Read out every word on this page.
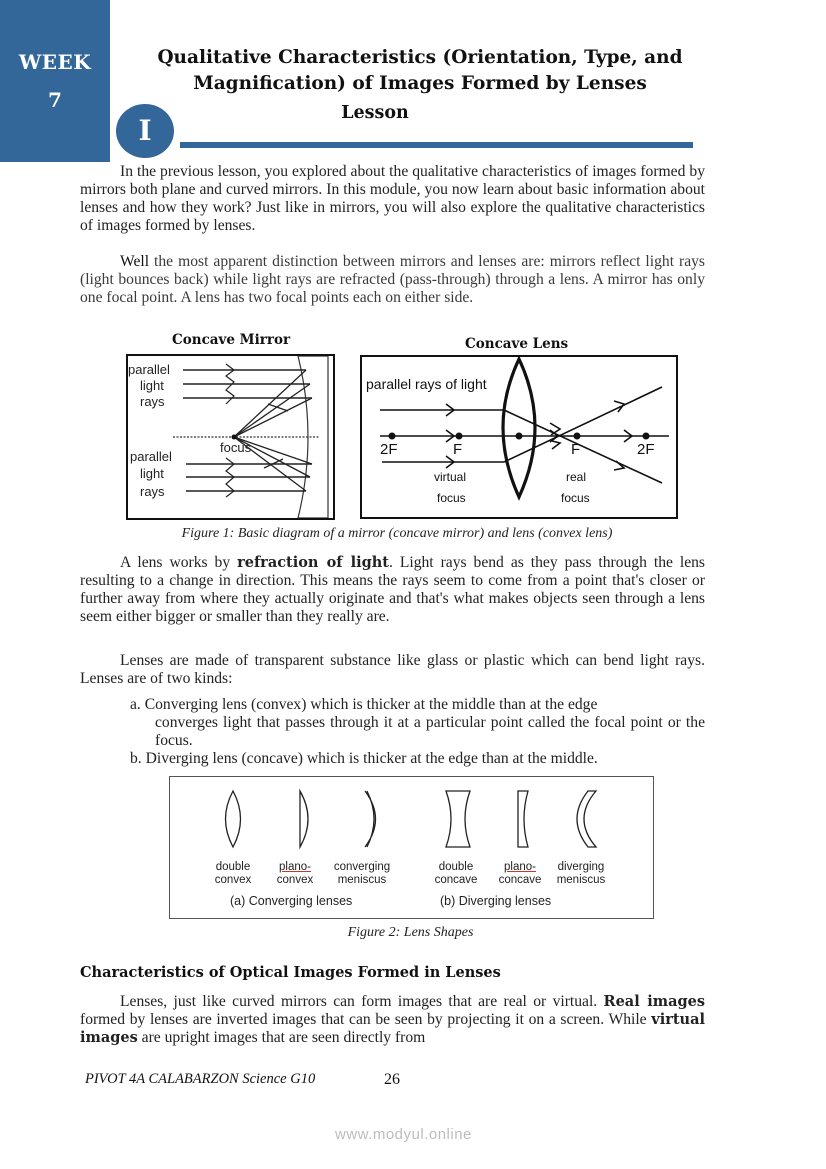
WEEK
7
Qualitative Characteristics (Orientation, Type, and
Magnification) of Images Formed by Lenses
I
Lesson
In the previous lesson, you explored about the qualitative characteristics of images formed by mirrors both plane and curved mirrors. In this module, you now learn about basic information about lenses and how they work? Just like in mirrors, you will also explore the qualitative characteristics of images formed by lenses.
Well the most apparent distinction between mirrors and lenses are: mirrors reflect light rays (light bounces back) while light rays are refracted (pass-through) through a lens. A mirror has only one focal point. A lens has two focal points each on either side.
Concave Mirror
parallel
light
rays
focus
parallel
light
rays
Concave Lens
parallel rays of light
2F	F	F	2F
virtual
focus
real
focus
Figure 1: Basic diagram of a mirror (concave mirror) and lens (convex lens)
A lens works by refraction of light. Light rays bend as they pass through the lens resulting to a change in direction. This means the rays seem to come from a point that's closer or further away from where they actually originate and that's what makes objects seen through a lens seem either bigger or smaller than they really are.
Lenses are made of transparent substance like glass or plastic which can bend light rays. Lenses are of two kinds:
a. Converging lens (convex) which is thicker at the middle than at the edge
converges light that passes through it at a particular point called the focal point or the focus.
b. Diverging lens (concave) which is thicker at the edge than at the middle.
double
convex
plano-
convex
converging
meniscus
double
concave
plano-
concave
diverging
meniscus
(a) Converging lenses	(b) Diverging lenses
Figure 2: Lens Shapes
Characteristics of Optical Images Formed in Lenses
Lenses, just like curved mirrors can form images that are real or virtual. Real images formed by lenses are inverted images that can be seen by projecting it on a screen. While virtual images are upright images that are seen directly from
PIVOT 4A CALABARZON Science G10	26
www.modyul.online
